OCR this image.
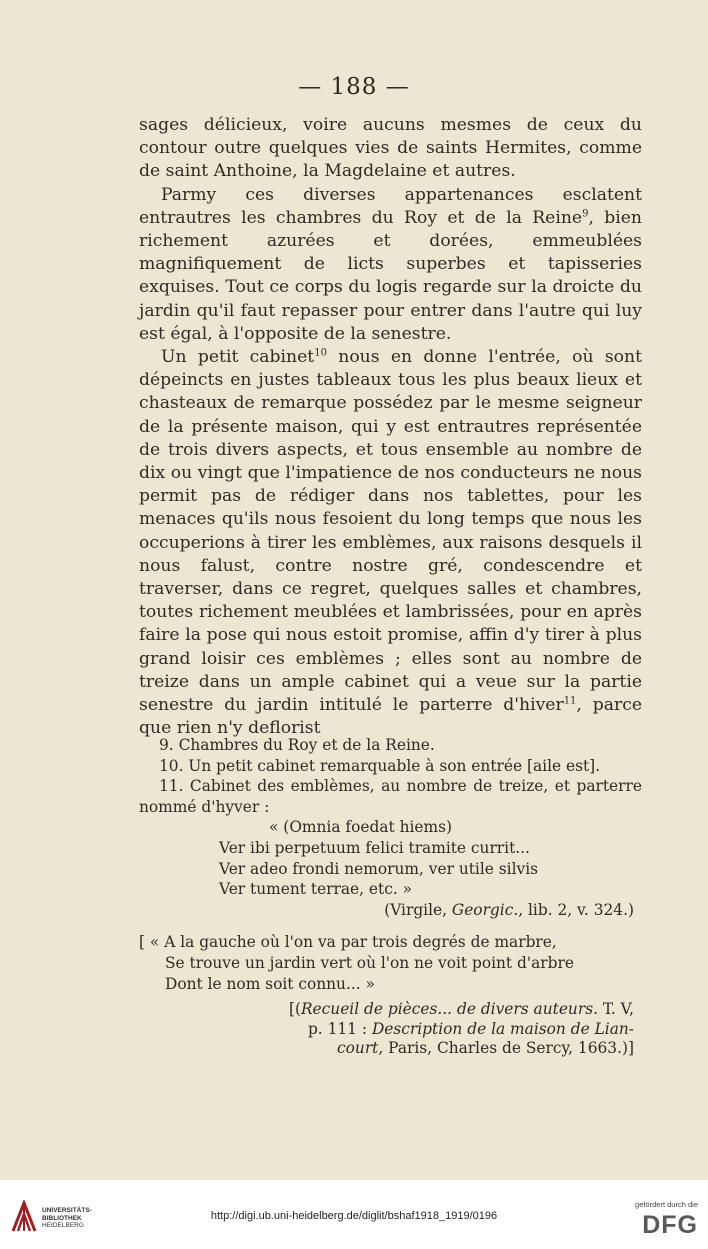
— 188 —

sages délicieux, voire aucuns mesmes de ceux du contour outre quelques vies de saints Hermites, comme de saint Anthoine, la Magdelaine et autres.

Parmy ces diverses appartenances esclatent entrautres les chambres du Roy et de la Reine$^9$, bien richement azurées et dorées, emmeublées magnifiquement de licts superbes et tapisseries exquises. Tout ce corps du logis regarde sur la droicte du jardin qu'il faut repasser pour entrer dans l'autre qui luy est égal, à l'opposite de la senestre.

Un petit cabinet$^{10}$ nous en donne l'entrée, où sont dépeincts en justes tableaux tous les plus beaux lieux et chasteaux de remarque possédez par le mesme seigneur de la présente maison, qui y est entrautres représentée de trois divers aspects, et tous ensemble au nombre de dix ou vingt que l'impatience de nos conducteurs ne nous permit pas de rédiger dans nos tablettes, pour les menaces qu'ils nous fesoient du long temps que nous les occuperions à tirer les emblèmes, aux raisons desquels il nous falust, contre nostre gré, condescendre et traverser, dans ce regret, quelques salles et chambres, toutes richement meublées et lambrissées, pour en après faire la pose qui nous estoit promise, affin d'y tirer à plus grand loisir ces emblèmes ; elles sont au nombre de treize dans un ample cabinet qui a veue sur la partie senestre du jardin intitulé le parterre d'hiver$^{11}$, parce que rien n'y deflorist

9. Chambres du Roy et de la Reine.

10. Un petit cabinet remarquable à son entrée [aile est].

11. Cabinet des emblèmes, au nombre de treize, et parterre nommé d'hyver :

« (Omnia foedat hiems)
Ver ibi perpetuum felici tramite currit...
Ver adeo frondi nemorum, ver utile silvis
Ver tument terrae, etc. »
(Virgile, Georgic., lib. 2, v. 324.)
[ « A la gauche où l'on va par trois degrés de marbre,
Se trouve un jardin vert où l'on ne voit point d'arbre
Dont le nom soit connu... »
[(Recueil de pièces... de divers auteurs. T. V,
p. 111 : Description de la maison de Lian-
court, Paris, Charles de Sercy, 1663.)]
UNIVERSITÄTS-
BIBLIOTHEK
HEIDELBERG
http://digi.ub.uni-heidelberg.de/diglit/bshaf1918_1919/0196
gefördert durch die
DFG
